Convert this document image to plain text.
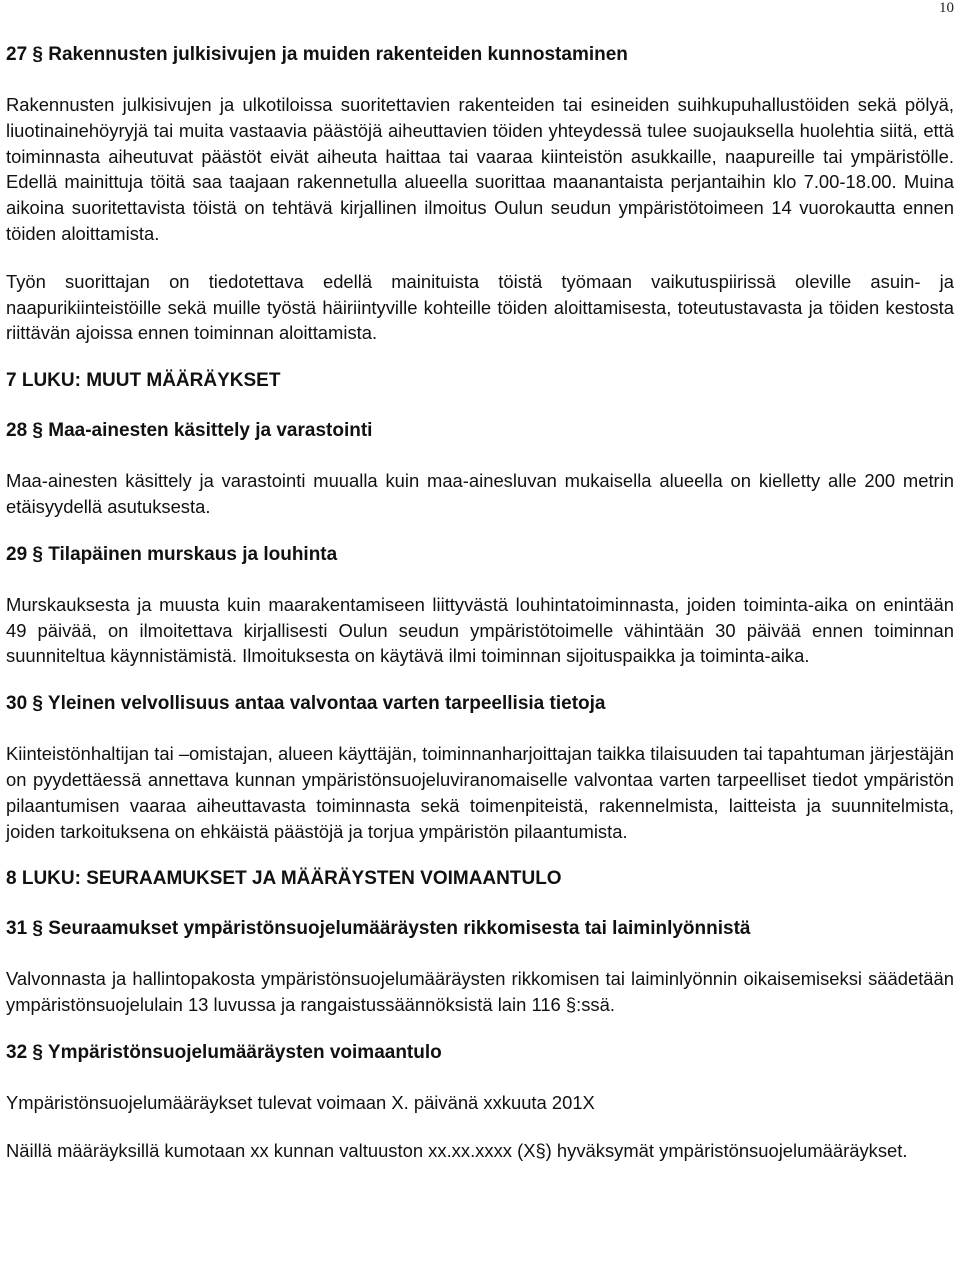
10
27 § Rakennusten julkisivujen ja muiden rakenteiden kunnostaminen

Rakennusten julkisivujen ja ulkotiloissa suoritettavien rakenteiden tai esineiden suihkupuhallustöiden sekä pölyä, liuotinainehöyryjä tai muita vastaavia päästöjä aiheuttavien töiden yhteydessä tulee suojauksella huolehtia siitä, että toiminnasta aiheutuvat päästöt eivät aiheuta haittaa tai vaaraa kiinteistön asukkaille, naapureille tai ympäristölle. Edellä mainittuja töitä saa taajaan rakennetulla alueella suorittaa maanantaista perjantaihin klo 7.00-18.00. Muina aikoina suoritettavista töistä on tehtävä kirjallinen ilmoitus Oulun seudun ympäristötoimeen 14 vuorokautta ennen töiden aloittamista.

Työn suorittajan on tiedotettava edellä mainituista töistä työmaan vaikutuspiirissä oleville asuin- ja naapurikiinteistöille sekä muille työstä häiriintyville kohteille töiden aloittamisesta, toteutustavasta ja töiden kestosta riittävän ajoissa ennen toiminnan aloittamista.

7 LUKU: MUUT MÄÄRÄYKSET
28 § Maa-ainesten käsittely ja varastointi

Maa-ainesten käsittely ja varastointi muualla kuin maa-ainesluvan mukaisella alueella on kielletty alle 200 metrin etäisyydellä asutuksesta.

29 § Tilapäinen murskaus ja louhinta

Murskauksesta ja muusta kuin maarakentamiseen liittyvästä louhintatoiminnasta, joiden toiminta-aika on enintään 49 päivää, on ilmoitettava kirjallisesti Oulun seudun ympäristötoimelle vähintään 30 päivää ennen toiminnan suunniteltua käynnistämistä. Ilmoituksesta on käytävä ilmi toiminnan sijoituspaikka ja toiminta-aika.

30 § Yleinen velvollisuus antaa valvontaa varten tarpeellisia tietoja

Kiinteistönhaltijan tai –omistajan, alueen käyttäjän, toiminnanharjoittajan taikka tilaisuuden tai tapahtuman järjestäjän on pyydettäessä annettava kunnan ympäristönsuojeluviranomaiselle valvontaa varten tarpeelliset tiedot ympäristön pilaantumisen vaaraa aiheuttavasta toiminnasta sekä toimenpiteistä, rakennelmista, laitteista ja suunnitelmista, joiden tarkoituksena on ehkäistä päästöjä ja torjua ympäristön pilaantumista.

8 LUKU: SEURAAMUKSET JA MÄÄRÄYSTEN VOIMAANTULO
31 § Seuraamukset ympäristönsuojelumääräysten rikkomisesta tai laiminlyönnistä

Valvonnasta ja hallintopakosta ympäristönsuojelumääräysten rikkomisen tai laiminlyönnin oikaisemiseksi säädetään ympäristönsuojelulain 13 luvussa ja rangaistussäännöksistä lain 116 §:ssä.

32 § Ympäristönsuojelumääräysten voimaantulo

Ympäristönsuojelumääräykset tulevat voimaan X. päivänä xxkuuta 201X

Näillä määräyksillä kumotaan xx kunnan valtuuston xx.xx.xxxx (X§) hyväksymät ympäristönsuojelumääräykset.
